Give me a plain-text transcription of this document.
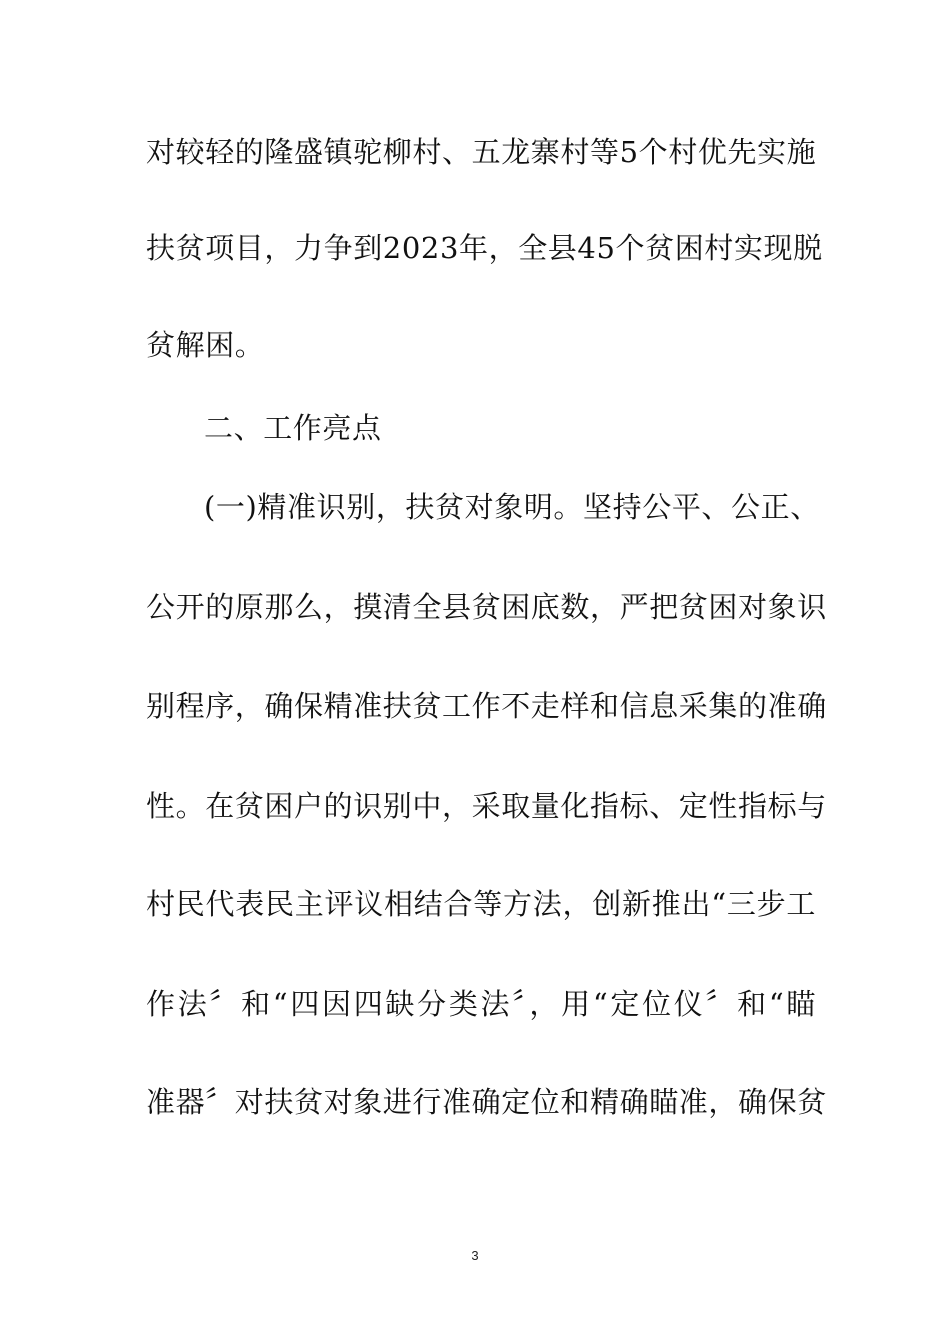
对较轻的隆盛镇驼柳村、五龙寨村等5个村优先实施
扶贫项目，力争到2023年，全县45个贫困村实现脱
贫解困。
二、工作亮点
(一)精准识别，扶贫对象明。坚持公平、公正、
公开的原那么，摸清全县贫困底数，严把贫困对象识
别程序，确保精准扶贫工作不走样和信息采集的准确
性。在贫困户的识别中，采取量化指标、定性指标与
村民代表民主评议相结合等方法，创新推出“三步工
作法〞和“四因四缺分类法〞，用“定位仪〞和“瞄
准器〞对扶贫对象进行准确定位和精确瞄准，确保贫
3
